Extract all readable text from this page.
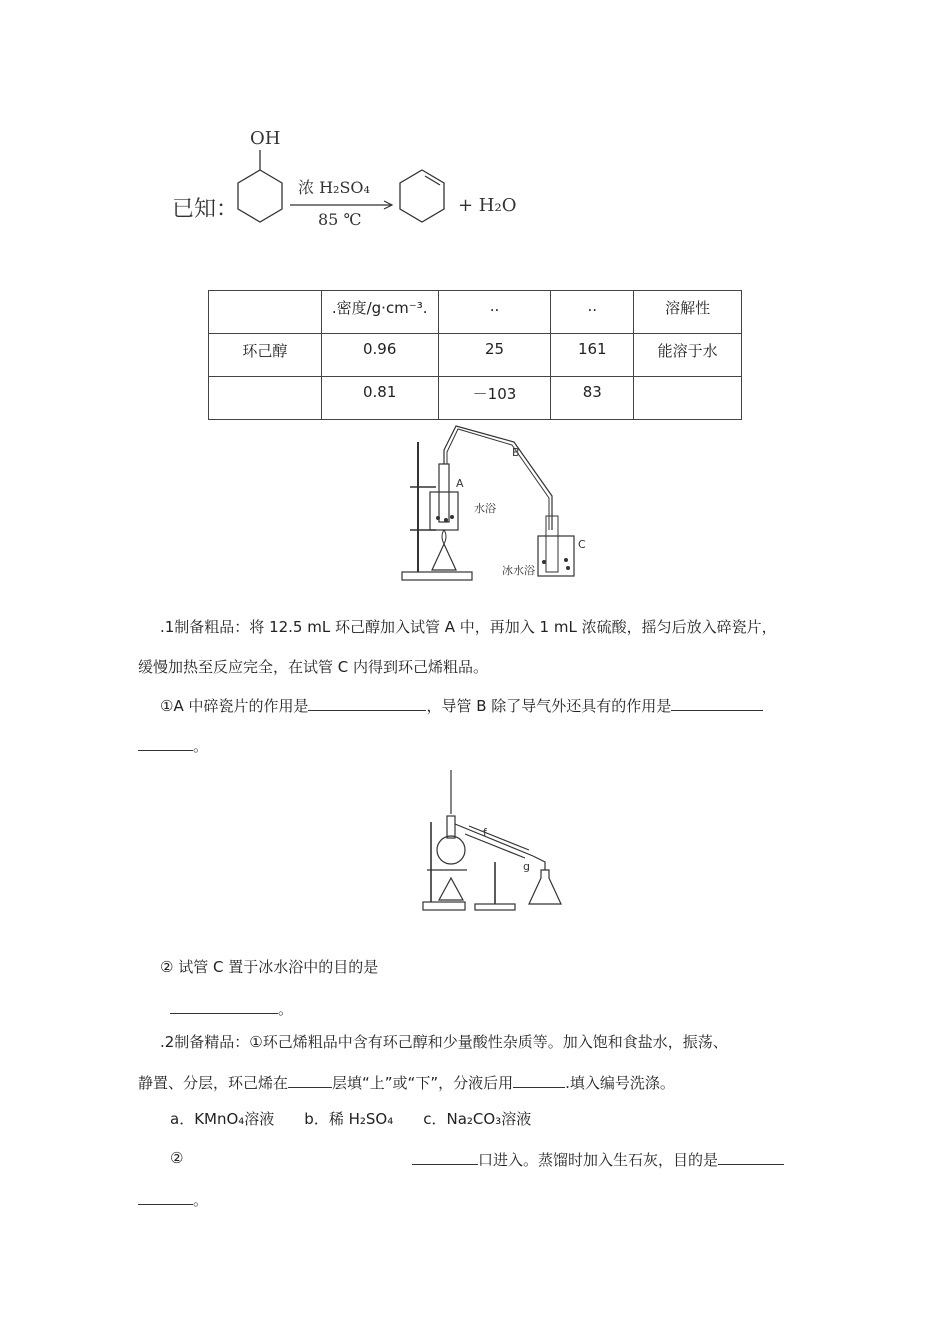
已知：
OH
浓 H₂SO₄
85 ℃
+ H₂O
	.密度/g·cm⁻³.	..	..	溶解性
环己醇	0.96	25	161	能溶于水
	0.81	－103	83	
A
B
C
水浴
冰水浴
.1制备粗品：将 12.5 mL 环己醇加入试管 A 中，再加入 1 mL 浓硫酸，摇匀后放入碎瓷片，
缓慢加热至反应完全，在试管 C 内得到环己烯粗品。
①A 中碎瓷片的作用是	，导管 B 除了导气外还具有的作用是
。
f
g
② 试管 C 置于冰水浴中的目的是
。
.2制备精品：①环己烯粗品中含有环己醇和少量酸性杂质等。加入饱和食盐水，振荡、
静置、分层，环己烯在	层填“上”或“下”，分液后用	.填入编号洗涤。
a．KMnO₄溶液　　b．稀 H₂SO₄　　c．Na₂CO₃溶液
②	口进入。蒸馏时加入生石灰，目的是
。
